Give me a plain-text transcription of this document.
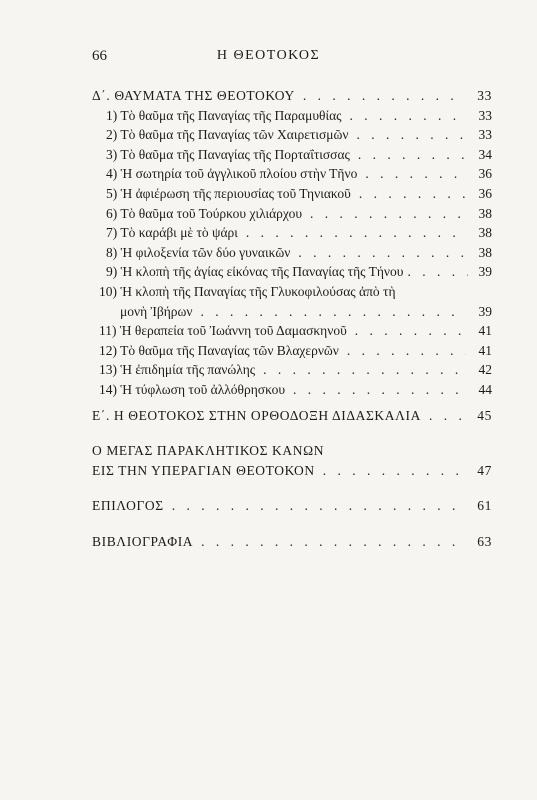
66	Η ΘΕΟΤΟΚΟΣ
Δ΄. ΘΑΥΜΑΤΑ ΤΗΣ ΘΕΟΤΟΚΟΥ . . .	33
1) Τὸ θαῦμα τῆς Παναγίας τῆς Παραμυθίας . . .	33
2) Τὸ θαῦμα τῆς Παναγίας τῶν Χαιρετισμῶν . . .	33
3) Τὸ θαῦμα τῆς Παναγίας τῆς Πορταΐτισσας . . .	34
4) Ἡ σωτηρία τοῦ ἀγγλικοῦ πλοίου στὴν Τῆνο . . .	36
5) Ἡ ἀφιέρωση τῆς περιουσίας τοῦ Τηνιακοῦ . . .	36
6) Τὸ θαῦμα τοῦ Τούρκου χιλιάρχου . . .	38
7) Τὸ καράβι μὲ τὸ ψάρι . . .	38
8) Ἡ φιλοξενία τῶν δύο γυναικῶν . . .	38
9) Ἡ κλοπὴ τῆς ἁγίας εἰκόνας τῆς Παναγίας τῆς Τήνου . . .	39
10) Ἡ κλοπὴ τῆς Παναγίας τῆς Γλυκοφιλούσας ἀπὸ τὴ
μονὴ Ἰβήρων . . .	39
11) Ἡ θεραπεία τοῦ Ἰωάννη τοῦ Δαμασκηνοῦ . . .	41
12) Τὸ θαῦμα τῆς Παναγίας τῶν Βλαχερνῶν . . .	41
13) Ἡ ἐπιδημία τῆς πανώλης . . .	42
14) Ἡ τύφλωση τοῦ ἀλλόθρησκου . . .	44
Ε΄. Η ΘΕΟΤΟΚΟΣ ΣΤΗΝ ΟΡΘΟΔΟΞΗ ΔΙΔΑΣΚΑΛΙΑ . . .	45
Ο ΜΕΓΑΣ ΠΑΡΑΚΛΗΤΙΚΟΣ ΚΑΝΩΝ
ΕΙΣ ΤΗΝ ΥΠΕΡΑΓΙΑΝ ΘΕΟΤΟΚΟΝ . . .	47
ΕΠΙΛΟΓΟΣ . . .	61
ΒΙΒΛΙΟΓΡΑΦΙΑ . . .	63
